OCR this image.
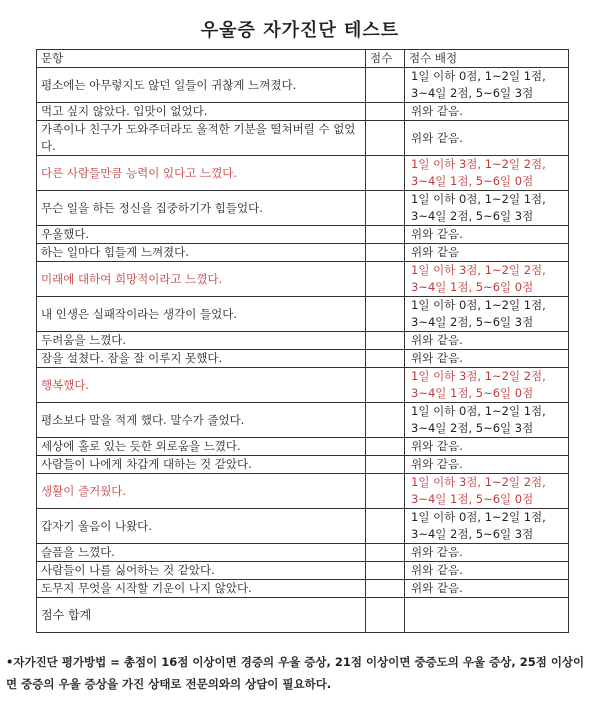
우울증 자가진단 테스트
문항	점수	점수 배정
평소에는 아무렇지도 않던 일들이 귀찮게 느껴졌다.		1일 이하 0점, 1~2일 1점, 3~4일 2점, 5~6일 3점
먹고 싶지 않았다. 입맛이 없었다.		위와 같음.
가족이나 친구가 도와주더라도 울적한 기분을 떨쳐버릴 수 없었다.		위와 같음.
다른 사람들만큼 능력이 있다고 느꼈다.		1일 이하 3점, 1~2일 2점, 3~4일 1점, 5~6일 0점
무슨 일을 하든 정신을 집중하기가 힘들었다.		1일 이하 0점, 1~2일 1점, 3~4일 2점, 5~6일 3점
우울했다.		위와 같음.
하는 일마다 힘들게 느껴졌다.		위와 같음
미래에 대하여 희망적이라고 느꼈다.		1일 이하 3점, 1~2일 2점, 3~4일 1점, 5~6일 0점
내 인생은 실패작이라는 생각이 들었다.		1일 이하 0점, 1~2일 1점, 3~4일 2점, 5~6일 3점
두려움을 느꼈다.		위와 같음.
잠을 설쳤다. 잠을 잘 이루지 못했다.		위와 같음.
행복했다.		1일 이하 3점, 1~2일 2점, 3~4일 1점, 5~6일 0점
평소보다 말을 적게 했다. 말수가 줄었다.		1일 이하 0점, 1~2일 1점, 3~4일 2점, 5~6일 3점
세상에 홀로 있는 듯한 외로움을 느꼈다.		위와 같음.
사람들이 나에게 차갑게 대하는 것 같았다.		위와 같음.
생활이 즐거웠다.		1일 이하 3점, 1~2일 2점, 3~4일 1점, 5~6일 0점
갑자기 울음이 나왔다.		1일 이하 0점, 1~2일 1점, 3~4일 2점, 5~6일 3점
슬픔을 느꼈다.		위와 같음.
사람들이 나를 싫어하는 것 같았다.		위와 같음.
도무지 무엇을 시작할 기운이 나지 않았다.		위와 같음.
점수 합계		
•자가진단 평가방법 = 총점이 16점 이상이면 경증의 우울 증상, 21점 이상이면 중증도의 우울 증상, 25점 이상이면 중증의 우울 증상을 가진 상태로 전문의와의 상담이 필요하다.
